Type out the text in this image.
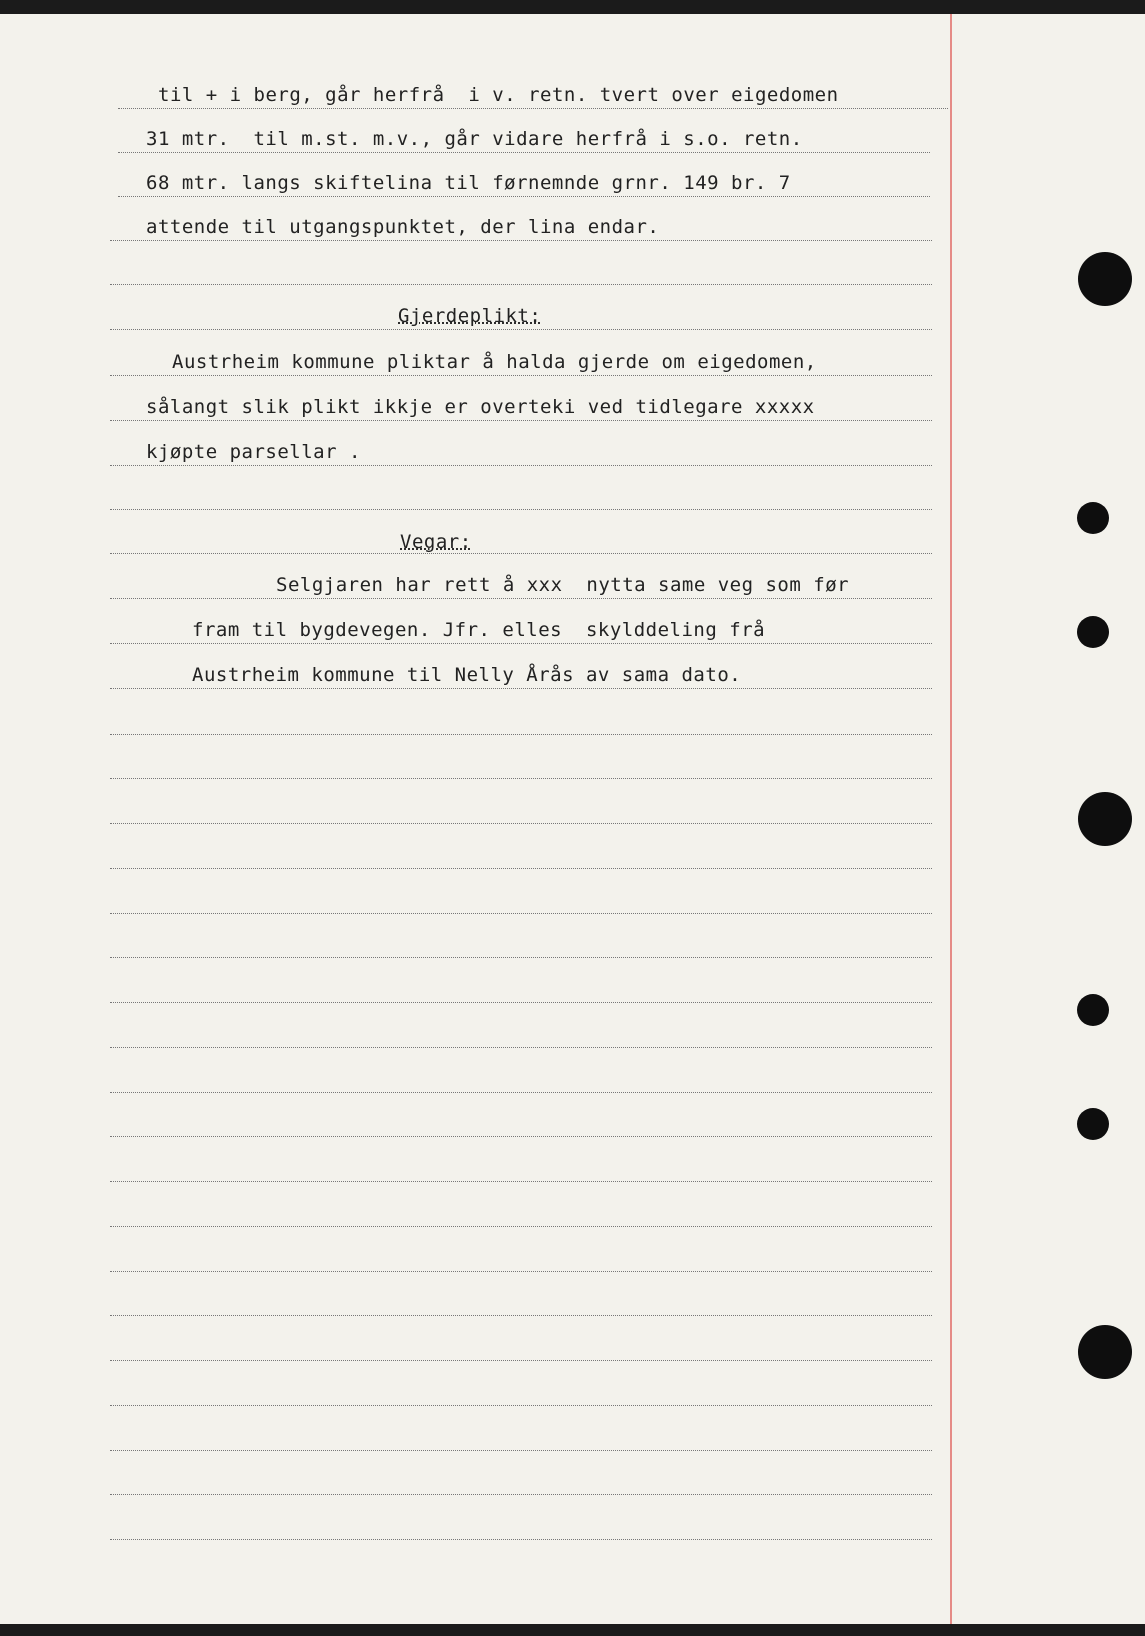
til + i berg, går herfrå  i v. retn. tvert over eigedomen

31 mtr.  til m.st. m.v., går vidare herfrå i s.o. retn.

68 mtr. langs skiftelina til førnemnde grnr. 149 br. 7

attende til utgangspunktet, der lina endar.

Gjerdeplikt:

Austrheim kommune pliktar å halda gjerde om eigedomen,

sålangt slik plikt ikkje er overteki ved tidlegare xxxxx

kjøpte parsellar .

Vegar:

Selgjaren har rett å xxx  nytta same veg som før

fram til bygdevegen. Jfr. elles  skylddeling frå

Austrheim kommune til Nelly Årås av sama dato.
